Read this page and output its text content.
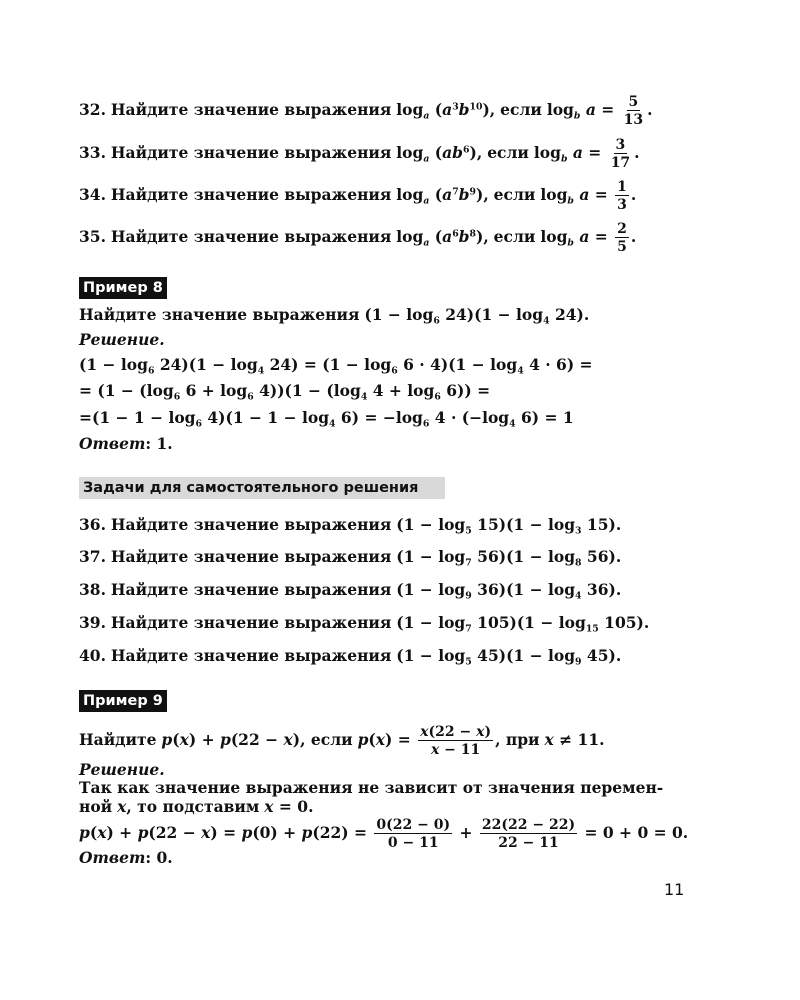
32. Найдите значение выражения $\log_a (a^3b^{10})$, если $\log_b a = \frac{5}{13}$ .
33. Найдите значение выражения $\log_a (ab^6)$, если $\log_b a = \frac{3}{17}$ .
34. Найдите значение выражения $\log_a (a^7b^9)$, если $\log_b a = \frac{1}{3}$ .
35. Найдите значение выражения $\log_a (a^6b^8)$, если $\log_b a = \frac{2}{5}$ .
Пример 8
Найдите значение выражения $(1 - \log_6 24)(1 - \log_4 24)$.
Решение.
$(1 - \log_6 24)(1 - \log_4 24) = (1 - \log_6 6 \cdot 4)(1 - \log_4 4 \cdot 6)$ =
= ($1 - (\log_6$ $6 + \log_6 4))(1 - (\log_4$ $4 + \log_6 6$)) =
$=(1 - 1 - \log_6 4)(1 - 1 - \log_4 6) = -\log_6$ $4 \cdot (-\log_4$ 6) = 1
Ответ: 1.
Задачи для самостоятельного решения
36. Найдите значение выражения $(1 - \log_5 15)(1 - \log_3 15)$.
37. Найдите значение выражения $(1 - \log_7 56)(1 - \log_8 56)$.
38. Найдите значение выражения $(1 - \log_9 36)(1 - \log_4 36)$.
39. Найдите значение выражения $(1 - \log_7 105)(1 - \log_{15} 105)$.
40. Найдите значение выражения $(1 - \log_5 45)(1 - \log_9 45)$.
Пример 9
Найдите p(x) + p(22 − x), если $p(x) = \frac{x(22 - x)}{x - 11}$ , при x ≠ 11.
Решение.
Так как значение выражения не зависит от значения перемен-
ной x, то подставим x = 0.
$p(x) + p(22 - x) = p(0) + p(22) = \frac{0(22 - 0)}{0 - 11} + \frac{22(22 - 22)}{22 - 11} = 0 + 0 = 0$.
Ответ: 0.
11
